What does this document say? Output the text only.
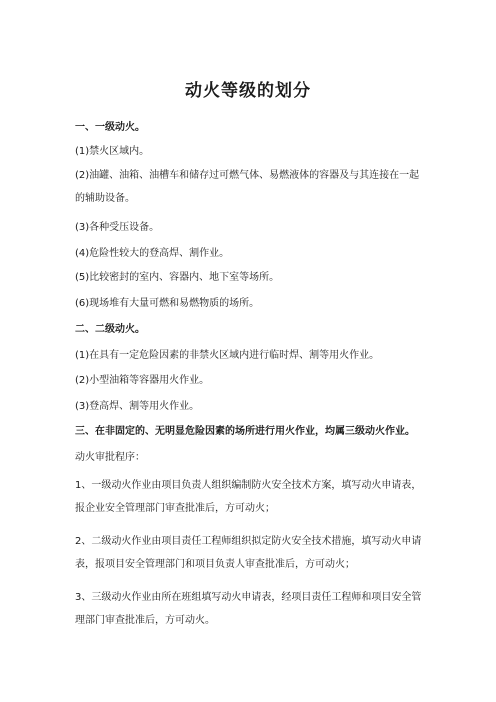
动火等级的划分
一、一级动火。
(1)禁火区域内。
(2)油罐、油箱、油槽车和储存过可燃气体、易燃液体的容器及与其连接在一起的辅助设备。
(3)各种受压设备。
(4)危险性较大的登高焊、割作业。
(5)比较密封的室内、容器内、地下室等场所。
(6)现场堆有大量可燃和易燃物质的场所。
二、二级动火。
(1)在具有一定危险因素的非禁火区域内进行临时焊、割等用火作业。
(2)小型油箱等容器用火作业。
(3)登高焊、割等用火作业。
三、在非固定的、无明显危险因素的场所进行用火作业，均属三级动火作业。
动火审批程序：
1、一级动火作业由项目负责人组织编制防火安全技术方案，填写动火申请表，报企业安全管理部门审查批准后，方可动火；
2、二级动火作业由项目责任工程师组织拟定防火安全技术措施，填写动火申请表，报项目安全管理部门和项目负责人审查批准后，方可动火；
3、三级动火作业由所在班组填写动火申请表，经项目责任工程师和项目安全管理部门审查批准后，方可动火。
